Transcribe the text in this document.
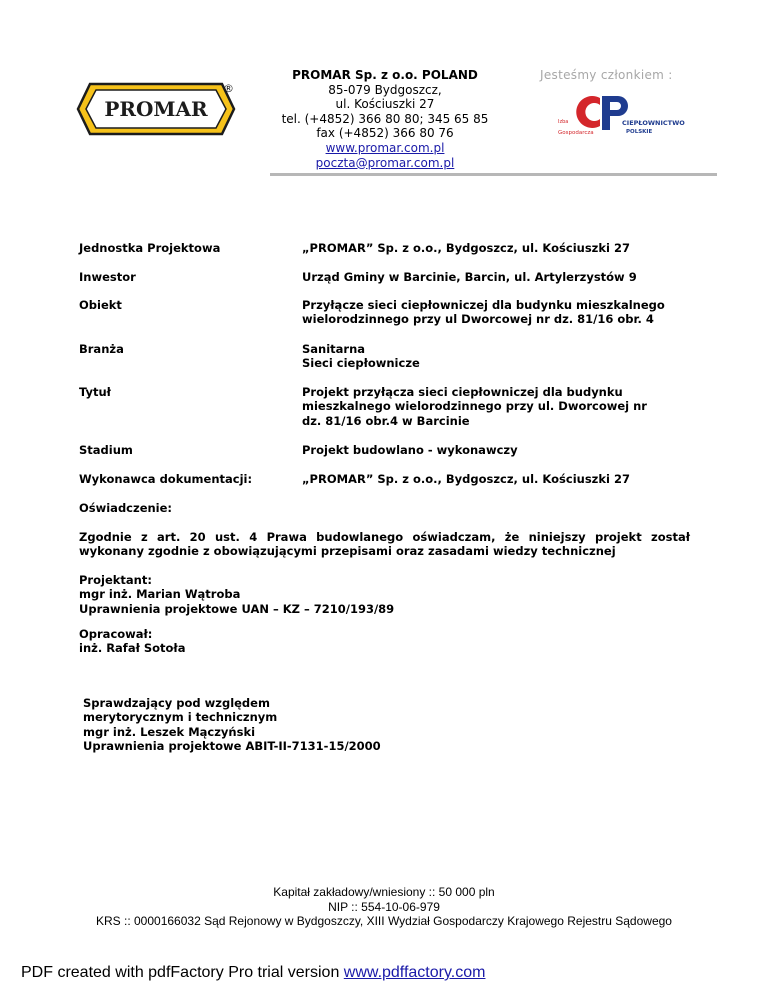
PROMAR
®
PROMAR Sp. z o.o. POLAND
85-079 Bydgoszcz,
ul. Kościuszki 27
tel. (+4852) 366 80 80; 345 65 85
fax (+4852) 366 80 76
www.promar.com.pl
poczta@promar.com.pl
Jesteśmy członkiem :
Izba
Gospodarcza
CIEPŁOWNICTWO
POLSKIE
Jednostka Projektowa	„PROMAR” Sp. z o.o., Bydgoszcz, ul. Kościuszki 27
Inwestor	Urząd Gminy w Barcinie, Barcin, ul. Artylerzystów 9
Obiekt	Przyłącze sieci ciepłowniczej dla budynku mieszkalnego
wielorodzinnego przy ul Dworcowej nr dz. 81/16 obr. 4
Branża	Sanitarna
Sieci ciepłownicze
Tytuł	Projekt przyłącza sieci ciepłowniczej dla budynku
mieszkalnego wielorodzinnego przy ul. Dworcowej nr
dz. 81/16 obr.4 w Barcinie
Stadium	Projekt budowlano - wykonawczy
Wykonawca dokumentacji:	„PROMAR” Sp. z o.o., Bydgoszcz, ul. Kościuszki 27
Oświadczenie:
Zgodnie z art. 20 ust. 4 Prawa budowlanego oświadczam, że niniejszy projekt został wykonany zgodnie z obowiązującymi przepisami oraz zasadami wiedzy technicznej
Projektant:
mgr inż. Marian Wątroba
Uprawnienia projektowe UAN – KZ – 7210/193/89
Opracował:
inż. Rafał Sotoła
Sprawdzający pod względem
merytorycznym i technicznym
mgr inż. Leszek Mączyński
Uprawnienia projektowe ABIT-II-7131-15/2000
Kapitał zakładowy/wniesiony :: 50 000 pln
NIP :: 554-10-06-979
KRS :: 0000166032 Sąd Rejonowy w Bydgoszczy, XIII Wydział Gospodarczy Krajowego Rejestru Sądowego
PDF created with pdfFactory Pro trial version www.pdffactory.com
